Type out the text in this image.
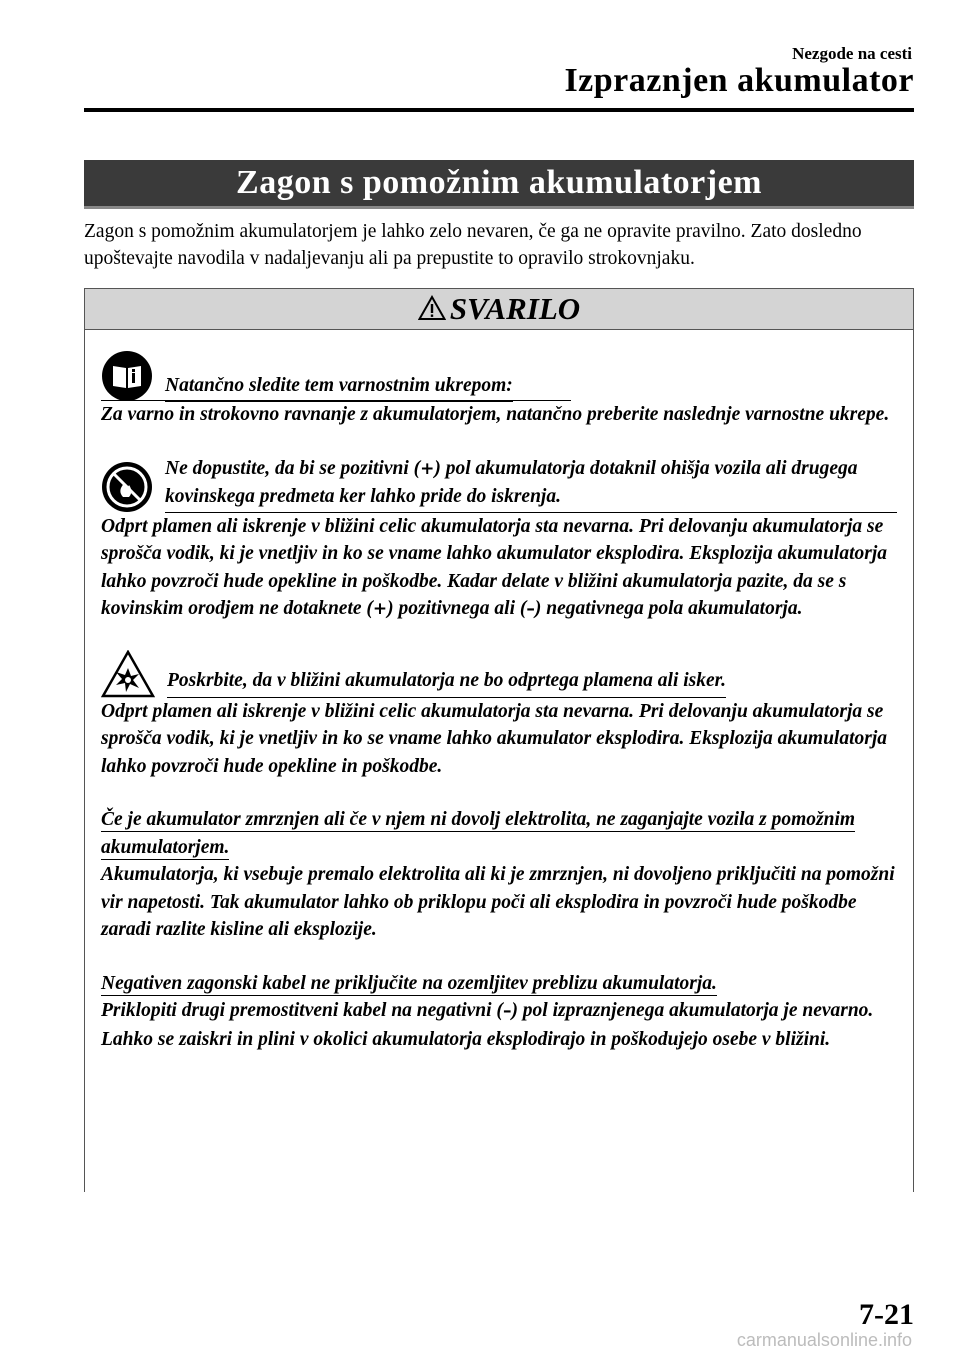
Nezgode na cesti
Izpraznjen akumulator
Zagon s pomožnim akumulatorjem
Zagon s pomožnim akumulatorjem je lahko zelo nevaren, če ga ne opravite pravilno. Zato dosledno upoštevajte navodila v nadaljevanju ali pa prepustite to opravilo strokovnjaku.
SVARILO
Natančno sledite tem varnostnim ukrepom:
Za varno in strokovno ravnanje z akumulatorjem, natančno preberite naslednje varnostne ukrepe.
Ne dopustite, da bi se pozitivni (+) pol akumulatorja dotaknil ohišja vozila ali drugega kovinskega predmeta ker lahko pride do iskrenja.
Odprt plamen ali iskrenje v bližini celic akumulatorja sta nevarna. Pri delovanju akumulatorja se sprošča vodik, ki je vnetljiv in ko se vname lahko akumulator eksplodira. Eksplozija akumulatorja lahko povzroči hude opekline in poškodbe. Kadar delate v bližini akumulatorja pazite, da se s kovinskim orodjem ne dotaknete (+) pozitivnega ali (–) negativnega pola akumulatorja.
Poskrbite, da v bližini akumulatorja ne bo odprtega plamena ali isker.
Odprt plamen ali iskrenje v bližini celic akumulatorja sta nevarna. Pri delovanju akumulatorja se sprošča vodik, ki je vnetljiv in ko se vname lahko akumulator eksplodira. Eksplozija akumulatorja lahko povzroči hude opekline in poškodbe.
Če je akumulator zmrznjen ali če v njem ni dovolj elektrolita, ne zaganjajte vozila z pomožnim akumulatorjem.
Akumulatorja, ki vsebuje premalo elektrolita ali ki je zmrznjen, ni dovoljeno priključiti na pomožni vir napetosti. Tak akumulator lahko ob priklopu poči ali eksplodira in povzroči hude poškodbe zaradi razlite kisline ali eksplozije.
Negativen zagonski kabel ne priključite na ozemljitev preblizu akumulatorja.
Priklopiti drugi premostitveni kabel na negativni (–) pol izpraznjenega akumulatorja je nevarno.
Lahko se zaiskri in plini v okolici akumulatorja eksplodirajo in poškodujejo osebe v bližini.
7-21
carmanualsonline.info
